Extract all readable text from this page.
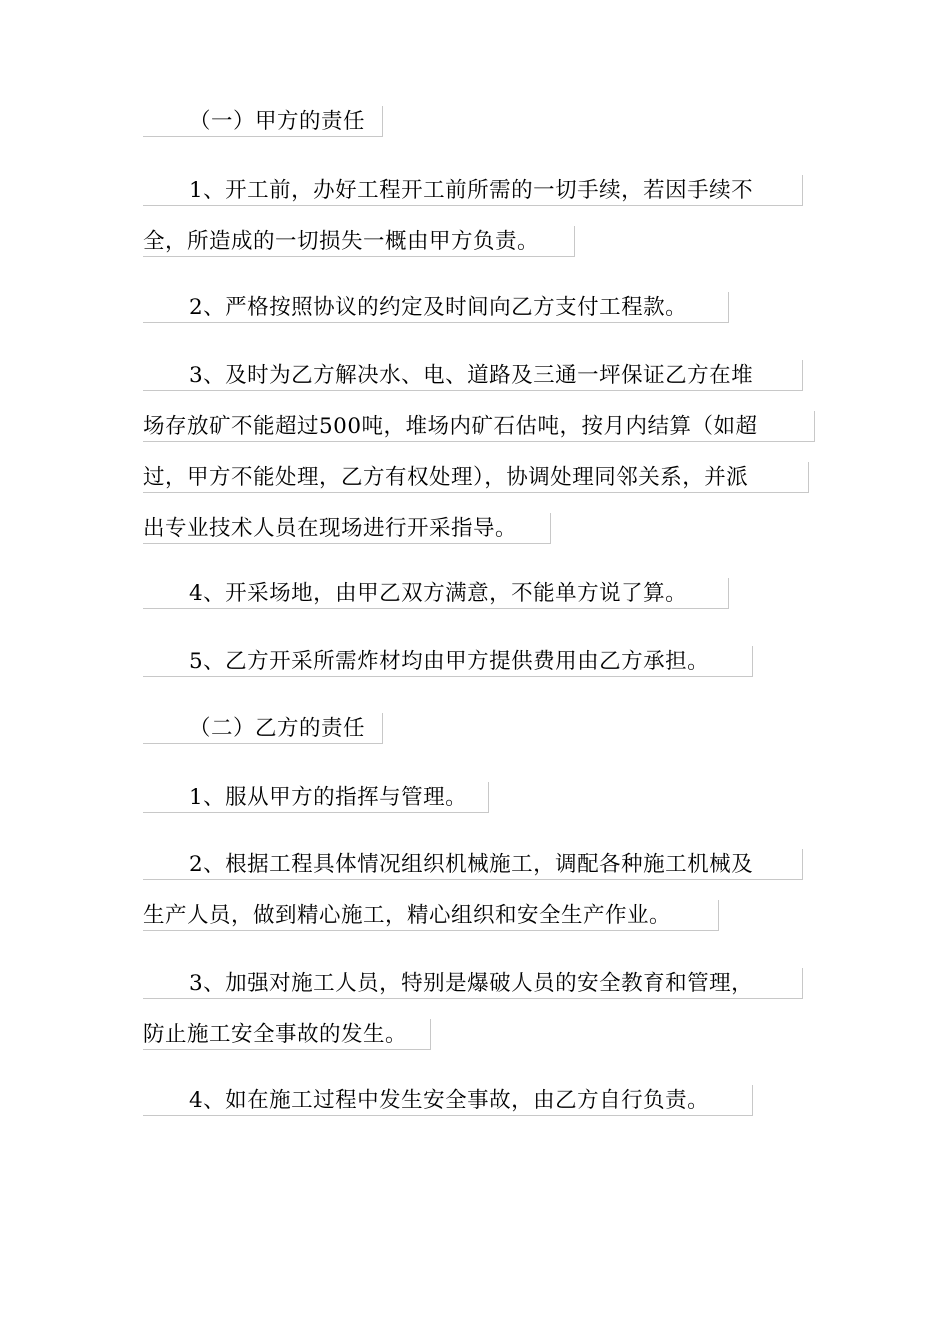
（一）甲方的责任
1、开工前，办好工程开工前所需的一切手续，若因手续不
全，所造成的一切损失一概由甲方负责。
2、严格按照协议的约定及时间向乙方支付工程款。
3、及时为乙方解决水、电、道路及三通一坪保证乙方在堆
场存放矿不能超过500吨，堆场内矿石估吨，按月内结算（如超
过，甲方不能处理，乙方有权处理），协调处理同邻关系，并派
出专业技术人员在现场进行开采指导。
4、开采场地，由甲乙双方满意，不能单方说了算。
5、乙方开采所需炸材均由甲方提供费用由乙方承担。
（二）乙方的责任
1、服从甲方的指挥与管理。
2、根据工程具体情况组织机械施工，调配各种施工机械及
生产人员，做到精心施工，精心组织和安全生产作业。
3、加强对施工人员，特别是爆破人员的安全教育和管理，
防止施工安全事故的发生。
4、如在施工过程中发生安全事故，由乙方自行负责。
